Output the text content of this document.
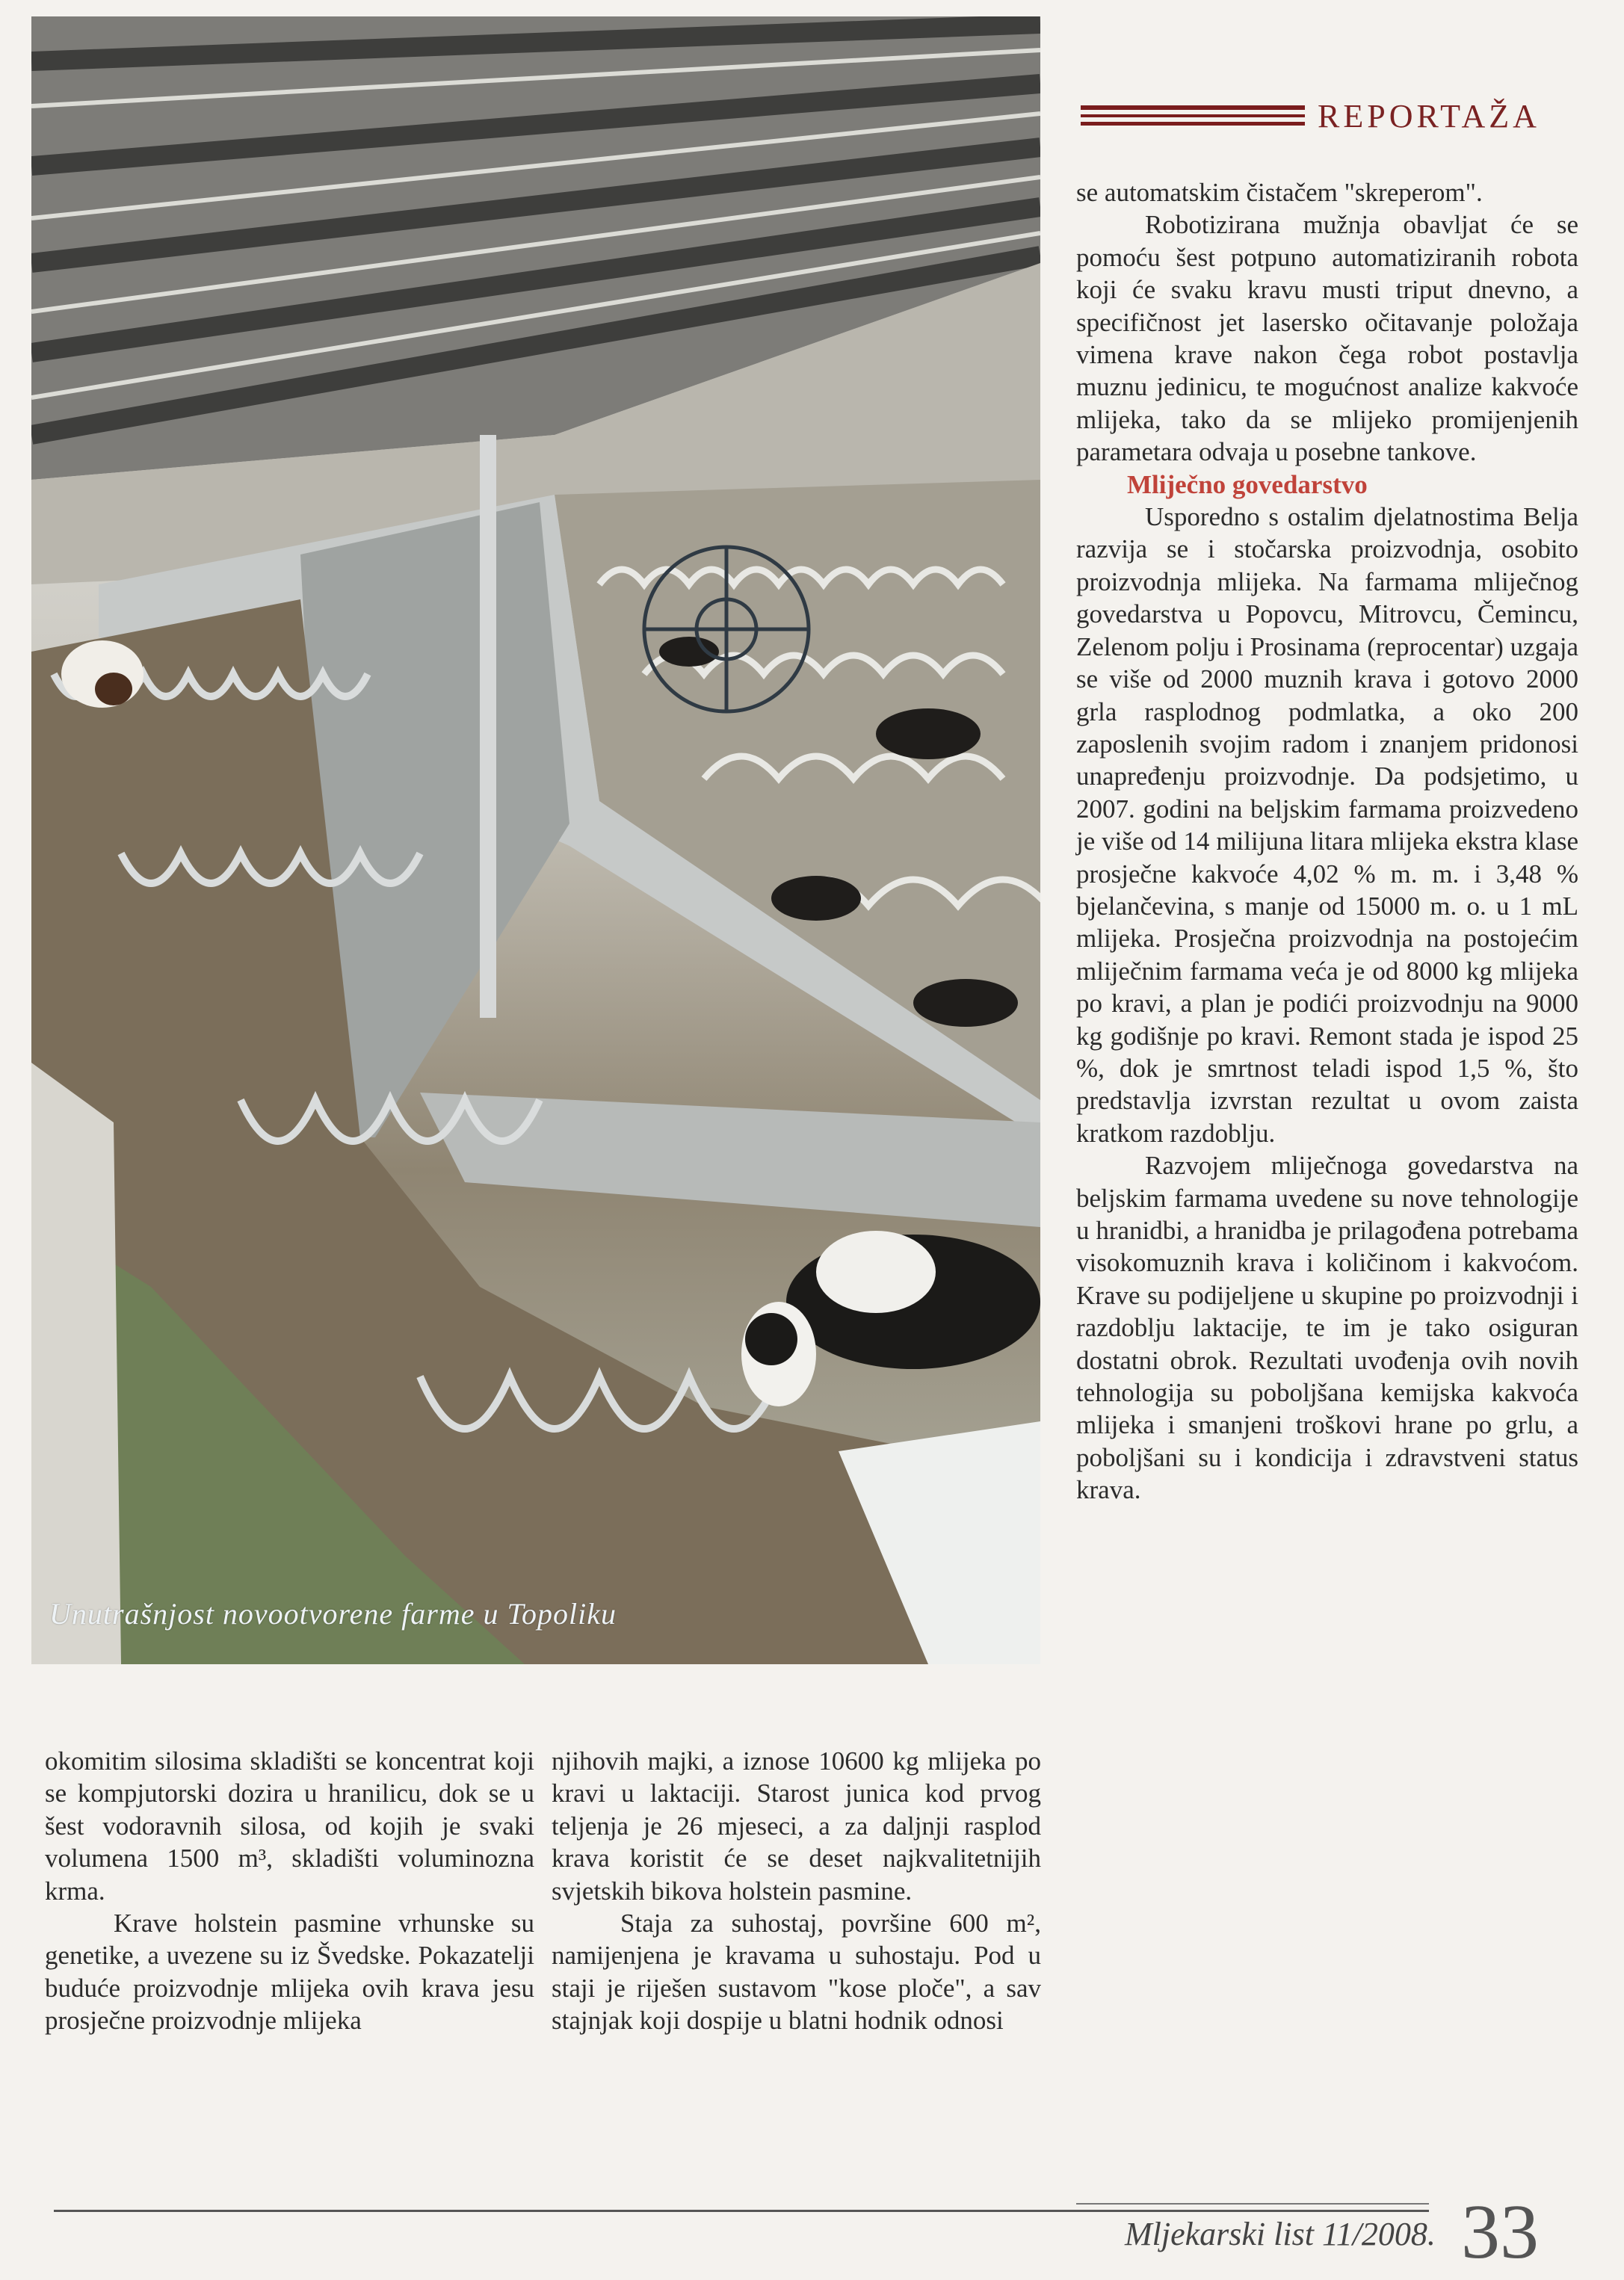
REPORTAŽA
Unutrašnjost novootvorene farme u Topoliku

okomitim silosima skladišti se koncentrat koji se kompjutorski dozira u hranilicu, dok se u šest vodoravnih silosa, od kojih je svaki volumena 1500 m³, skladišti voluminozna krma.

Krave holstein pasmine vrhunske su genetike, a uvezene su iz Švedske. Pokazatelji buduće proizvodnje mlijeka ovih krava jesu prosječne proizvodnje mlijeka

njihovih majki, a iznose 10600 kg mlijeka po kravi u laktaciji. Starost junica kod prvog teljenja je 26 mjeseci, a za daljnji rasplod krava koristit će se deset najkvalitetnijih svjetskih bikova holstein pasmine.

Staja za suhostaj, površine 600 m², namijenjena je kravama u suhostaju. Pod u staji je riješen sustavom "kose ploče", a sav stajnjak koji dospije u blatni hodnik odnosi

se automatskim čistačem "skreperom".

Robotizirana mužnja obavljat će se pomoću šest potpuno automatiziranih robota koji će svaku kravu musti triput dnevno, a specifičnost jet lasersko očitavanje položaja vimena krave nakon čega robot postavlja muznu jedinicu, te mogućnost analize kakvoće mlijeka, tako da se mlijeko promijenjenih parametara odvaja u posebne tankove.

Mliječno govedarstvo

Usporedno s ostalim djelatnostima Belja razvija se i stočarska proizvodnja, osobito proizvodnja mlijeka. Na farmama mliječnog govedarstva u Popovcu, Mitrovcu, Čemincu, Zelenom polju i Prosinama (reprocentar) uzgaja se više od 2000 muznih krava i gotovo 2000 grla rasplodnog podmlatka, a oko 200 zaposlenih svojim radom i znanjem pridonosi unapređenju proizvodnje. Da podsjetimo, u 2007. godini na beljskim farmama proizvedeno je više od 14 milijuna litara mlijeka ekstra klase prosječne kakvoće 4,02 % m. m. i 3,48 % bjelančevina, s manje od 15000 m. o. u 1 mL mlijeka. Prosječna proizvodnja na postojećim mliječnim farmama veća je od 8000 kg mlijeka po kravi, a plan je podići proizvodnju na 9000 kg godišnje po kravi. Remont stada je ispod 25 %, dok je smrtnost teladi ispod 1,5 %, što predstavlja izvrstan rezultat u ovom zaista kratkom razdoblju.

Razvojem mliječnoga govedarstva na beljskim farmama uvedene su nove tehnologije u hranidbi, a hranidba je prilagođena potrebama visokomuznih krava i količinom i kakvoćom. Krave su podijeljene u skupine po proizvodnji i razdoblju laktacije, te im je tako osiguran dostatni obrok. Rezultati uvođenja ovih novih tehnologija su poboljšana kemijska kakvoća mlijeka i smanjeni troškovi hrane po grlu, a poboljšani su i kondicija i zdravstveni status krava.

Mljekarski list 11/2008. 33
